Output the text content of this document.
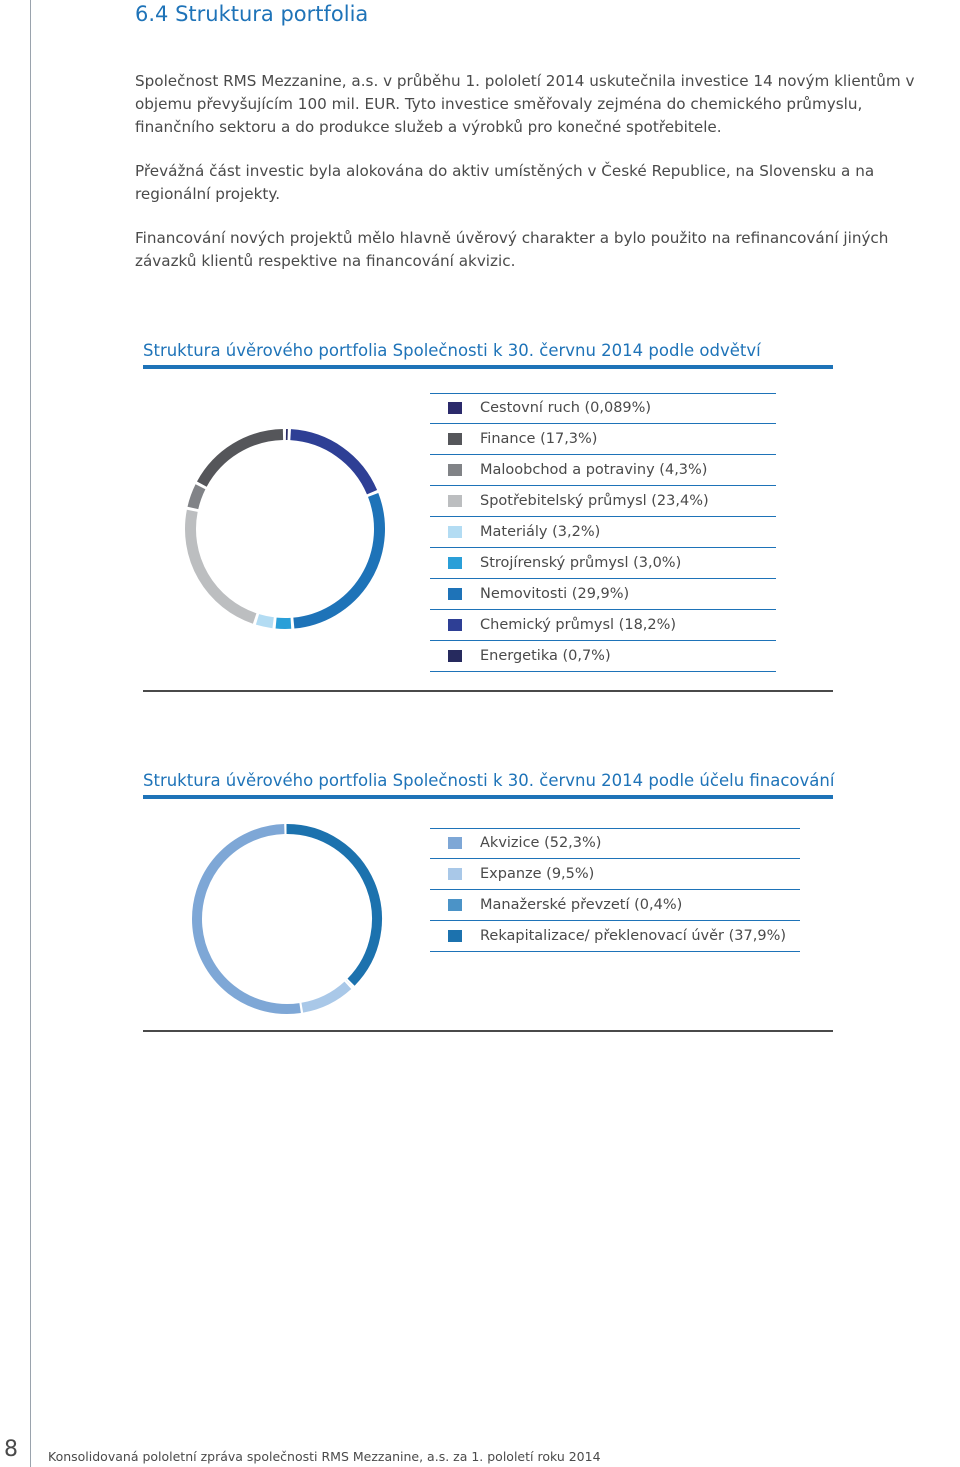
6.4 Struktura portfolia

Společnost RMS Mezzanine, a.s. v průběhu 1. pololetí 2014 uskutečnila investice 14 novým klientům v objemu převyšujícím 100 mil. EUR. Tyto investice směřovaly zejména do chemického průmyslu, finančního sektoru a do produkce služeb a výrobků pro konečné spotřebitele.

Převážná část investic byla alokována do aktiv umístěných v České Republice, na Slovensku a na regionální projekty.

Financování nových projektů mělo hlavně úvěrový charakter a bylo použito na refinancování jiných závazků klientů respektive na financování akvizic.

Struktura úvěrového portfolia Společnosti k 30. červnu 2014 podle odvětví
Cestovní ruch (0,089%)
Finance (17,3%)
Maloobchod a potraviny (4,3%)
Spotřebitelský průmysl (23,4%)
Materiály (3,2%)
Strojírenský průmysl (3,0%)
Nemovitosti (29,9%)
Chemický průmysl (18,2%)
Energetika (0,7%)
Struktura úvěrového portfolia Společnosti k 30. červnu 2014 podle účelu finacování
Akvizice (52,3%)
Expanze (9,5%)
Manažerské převzetí (0,4%)
Rekapitalizace/ překlenovací úvěr (37,9%)
8	Konsolidovaná pololetní zpráva společnosti RMS Mezzanine, a.s. za 1. pololetí roku 2014
